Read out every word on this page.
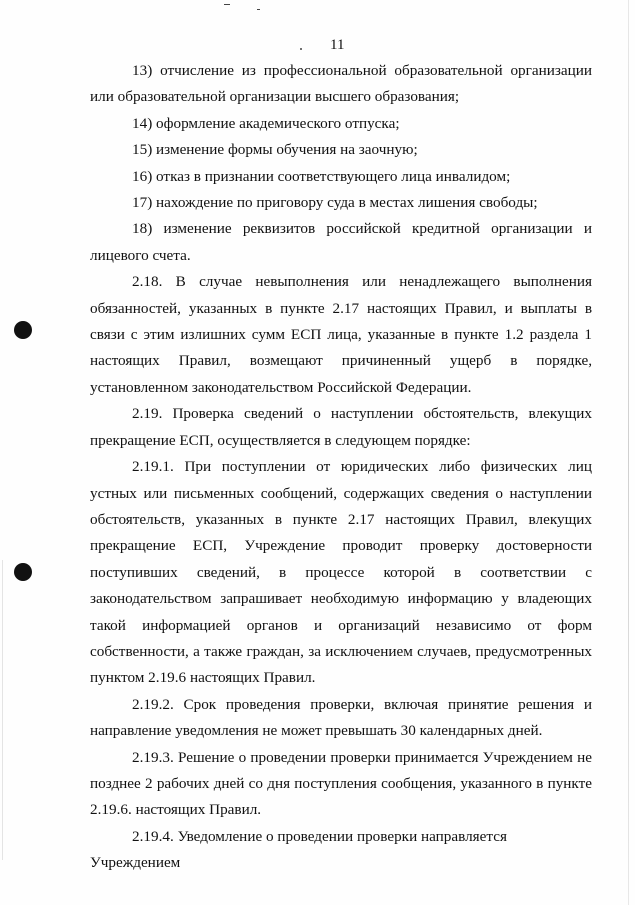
11

13) отчисление из профессиональной образовательной организации или образовательной организации высшего образования;

14) оформление академического отпуска;

15) изменение формы обучения на заочную;

16) отказ в признании соответствующего лица инвалидом;

17) нахождение по приговору суда в местах лишения свободы;

18) изменение реквизитов российской кредитной организации и лицевого счета.

2.18. В случае невыполнения или ненадлежащего выполнения обязанностей, указанных в пункте 2.17 настоящих Правил, и выплаты в связи с этим излишних сумм ЕСП лица, указанные в пункте 1.2 раздела 1 настоящих Правил, возмещают причиненный ущерб в порядке, установленном законодательством Российской Федерации.

2.19. Проверка сведений о наступлении обстоятельств, влекущих прекращение ЕСП, осуществляется в следующем порядке:

2.19.1. При поступлении от юридических либо физических лиц устных или письменных сообщений, содержащих сведения о наступлении обстоятельств, указанных в пункте 2.17 настоящих Правил, влекущих прекращение ЕСП, Учреждение проводит проверку достоверности поступивших сведений, в процессе которой в соответствии с законодательством запрашивает необходимую информацию у владеющих такой информацией органов и организаций независимо от форм собственности, а также граждан, за исключением случаев, предусмотренных пунктом 2.19.6 настоящих Правил.

2.19.2. Срок проведения проверки, включая принятие решения и направление уведомления не может превышать 30 календарных дней.

2.19.3. Решение о проведении проверки принимается Учреждением не позднее 2 рабочих дней со дня поступления сообщения, указанного в пункте 2.19.6. настоящих Правил.

2.19.4. Уведомление о проведении проверки направляется Учреждением
